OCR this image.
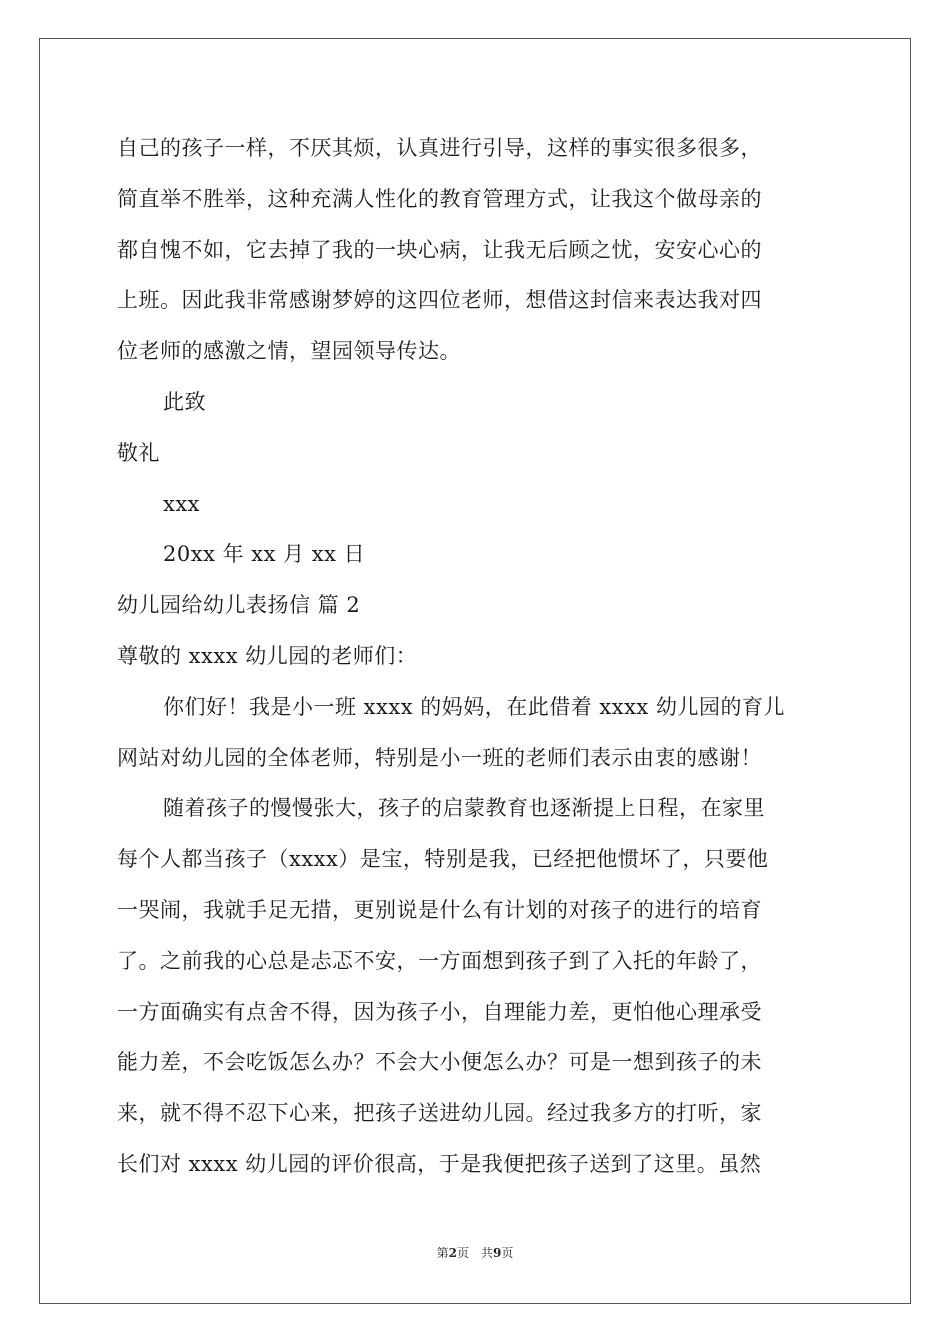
自己的孩子一样，不厌其烦，认真进行引导，这样的事实很多很多，
简直举不胜举，这种充满人性化的教育管理方式，让我这个做母亲的
都自愧不如，它去掉了我的一块心病，让我无后顾之忧，安安心心的
上班。因此我非常感谢梦婷的这四位老师，想借这封信来表达我对四
位老师的感激之情，望园领导传达。
此致
敬礼
xxx
20xx 年 xx 月 xx 日
幼儿园给幼儿表扬信 篇 2
尊敬的 xxxx 幼儿园的老师们：
你们好！我是小一班 xxxx 的妈妈，在此借着 xxxx 幼儿园的育儿
网站对幼儿园的全体老师，特别是小一班的老师们表示由衷的感谢！
随着孩子的慢慢张大，孩子的启蒙教育也逐渐提上日程，在家里
每个人都当孩子（xxxx）是宝，特别是我，已经把他惯坏了，只要他
一哭闹，我就手足无措，更别说是什么有计划的对孩子的进行的培育
了。之前我的心总是忐忑不安，一方面想到孩子到了入托的年龄了，
一方面确实有点舍不得，因为孩子小，自理能力差，更怕他心理承受
能力差，不会吃饭怎么办？不会大小便怎么办？可是一想到孩子的未
来，就不得不忍下心来，把孩子送进幼儿园。经过我多方的打听，家
长们对 xxxx 幼儿园的评价很高，于是我便把孩子送到了这里。虽然
第2页 共9页
